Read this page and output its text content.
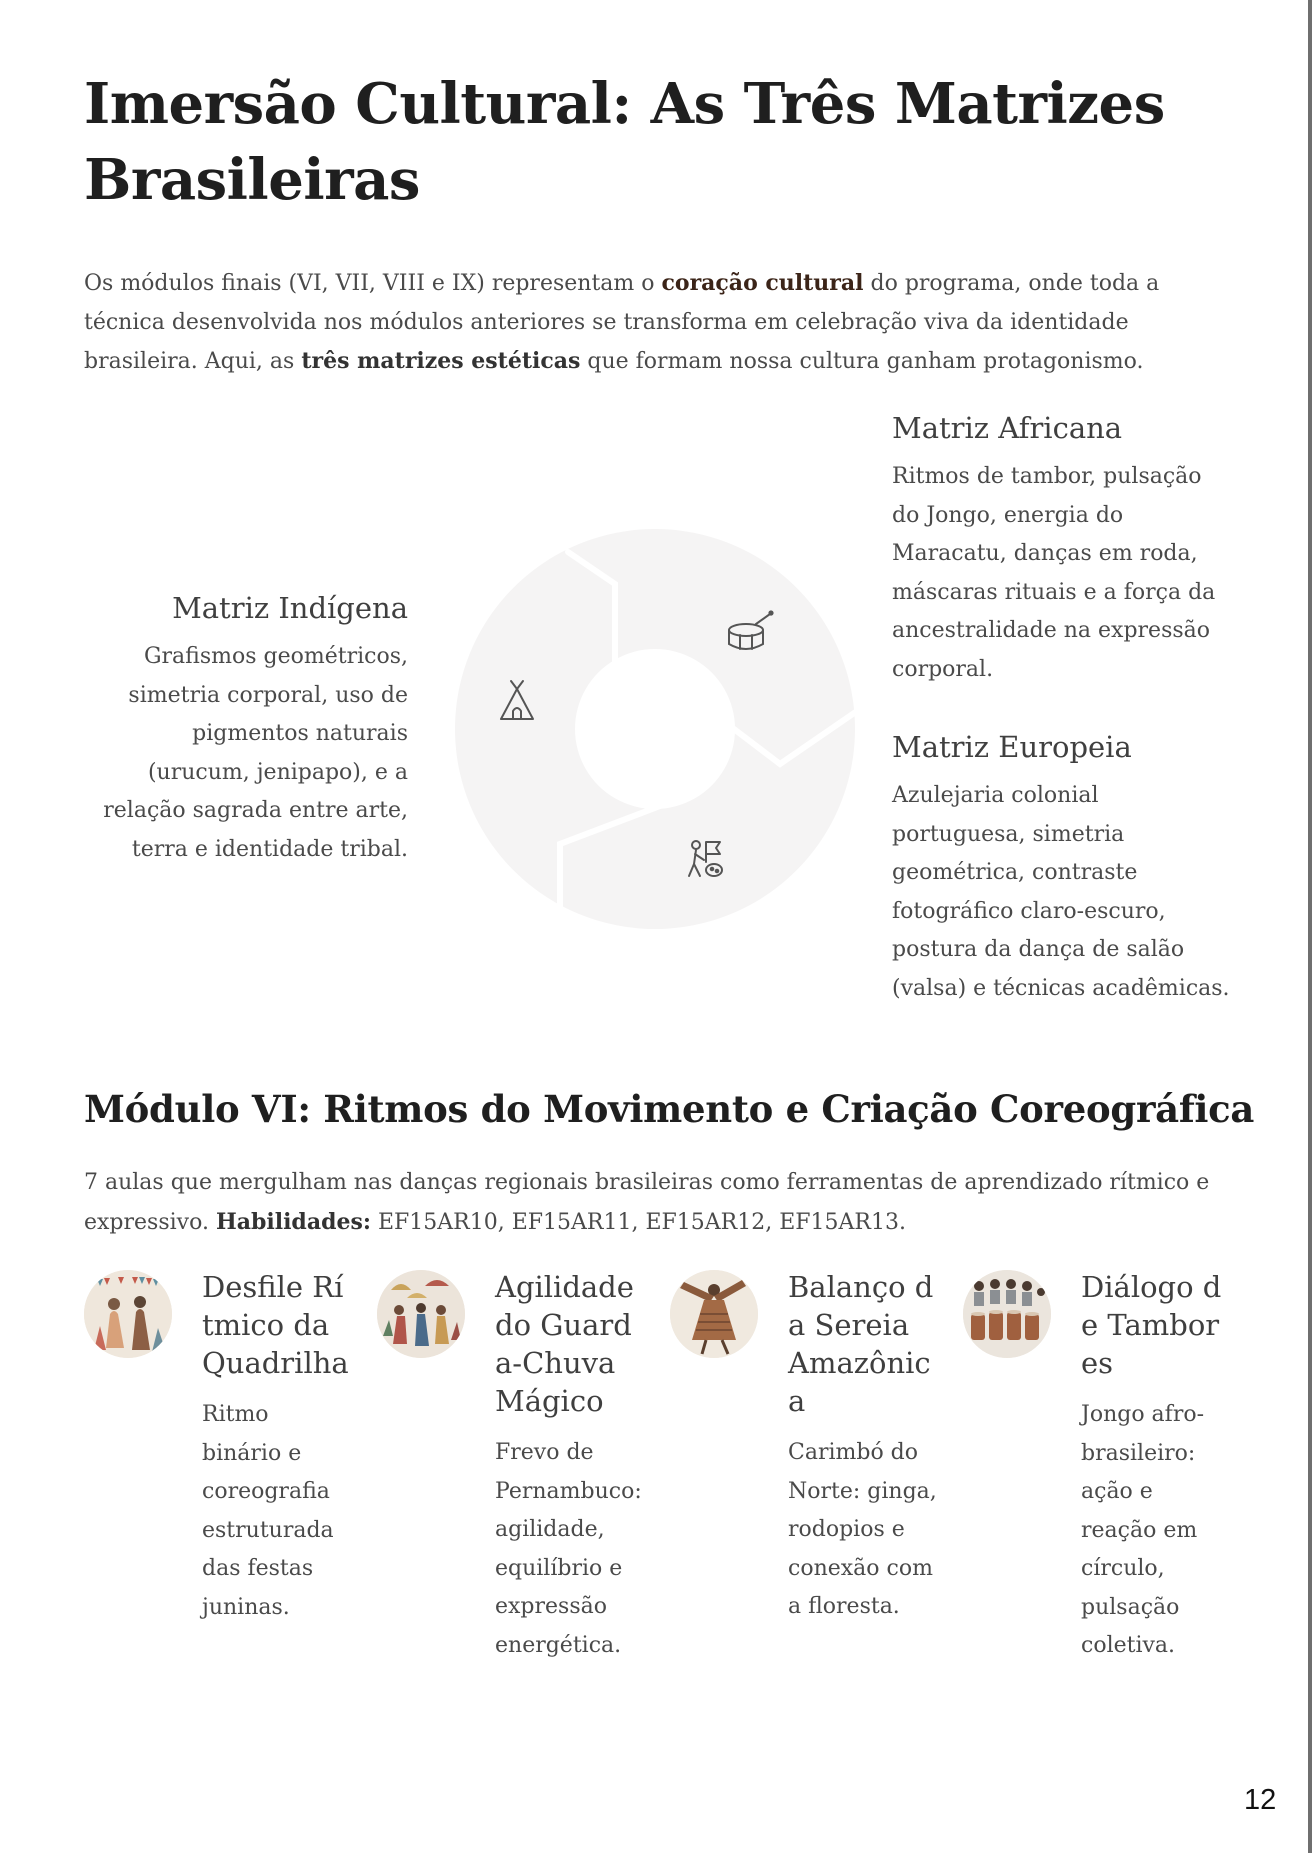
Imersão Cultural: As Três Matrizes Brasileiras

Os módulos finais (VI, VII, VIII e IX) representam o coração cultural do programa, onde toda a técnica desenvolvida nos módulos anteriores se transforma em celebração viva da identidade brasileira. Aqui, as três matrizes estéticas que formam nossa cultura ganham protagonismo.

Matriz Africana

Ritmos de tambor, pulsação do Jongo, energia do Maracatu, danças em roda, máscaras rituais e a força da ancestralidade na expressão corporal.

Matriz Indígena

Grafismos geométricos, simetria corporal, uso de pigmentos naturais (urucum, jenipapo), e a relação sagrada entre arte, terra e identidade tribal.

Matriz Europeia

Azulejaria colonial portuguesa, simetria geométrica, contraste fotográfico claro-escuro, postura da dança de salão (valsa) e técnicas acadêmicas.

Módulo VI: Ritmos do Movimento e Criação Coreográfica

7 aulas que mergulham nas danças regionais brasileiras como ferramentas de aprendizado rítmico e expressivo. Habilidades: EF15AR10, EF15AR11, EF15AR12, EF15AR13.

Desfile Rítmico da Quadrilha

Ritmo binário e coreografia estruturada das festas juninas.

Agilidade do Guarda-Chuva Mágico

Frevo de Pernambuco: agilidade, equilíbrio e expressão energética.

Balanço da Sereia Amazônica

Carimbó do Norte: ginga, rodopios e conexão com a floresta.

Diálogo de Tambores

Jongo afro-brasileiro: ação e reação em círculo, pulsação coletiva.

12
